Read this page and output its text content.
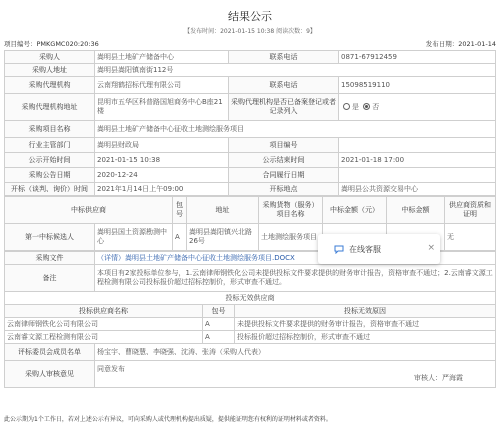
结果公示
【发布时间：2021-01-15 10:38 阅读次数：9】
项目编号：PMKGMC020:20:36	发布日期：2021-01-14
采购人	嵩明县土地矿产储备中心	联系电话	0871-67912459
采购人地址	嵩明县嵩阳镇南街112号		
采购代理机构	云南翔鹤招标代理有限公司	联系电话	15098519110
采购代理机构地址	昆明市五华区科普路国旭商务中心B座21楼	采购代理机构是否已备案登记或者记录列入	是 否
采购项目名称	嵩明县土地矿产储备中心征收土地测绘服务项目		
行业主管部门	嵩明县财政局	项目编号	
公示开始时间	2021-01-15 10:38	公示结束时间	2021-01-18 17:00
采购公告日期	2020-12-24	合同履行日期	
开标（谈判、询价）时间	2021年1月14日上午09:00	开标地点	嵩明县公共资源交易中心
中标供应商		包号	地址	采购货物（服务）项目名称	中标金额（元）	中标金额	供应商资质和证明
第一中标候选人	嵩明县国土资源勘测中心	A	嵩明县嵩阳镇兴北路26号	土地测绘服务项目			无
采购文件	（详情）嵩明县土地矿产储备中心征收土地测绘服务项目.DOCX		
备注	本项目有2家投标单位参与，1.云南律师钢铁化公司未提供投标文件要求提供的财务审计报告，资格审查不通过；2.云南睿文源工程检测有限公司投标报价超过招标控制价，形式审查不通过。		
投标无效供应商			
投标供应商名称		包号	投标无效原因
云南律师钢铁化公司有限公司		A	未提供投标文件要求提供的财务审计报告，资格审查不通过
云南睿文源工程检测有限公司		A	投标报价超过招标控制价，形式审查不通过
评标委员会成员名单	杨宝宇、曹晓慧、李晓强、沈涛、张涛（采购人代表）		
采购人审核意见	同意发布
审核人：严海霞		
此公示期为1个工作日，若对上述公示有异议，可向采购人或代理机构提出质疑，提供能证明您有权利的证明材料或者资料。
在线客服	×
